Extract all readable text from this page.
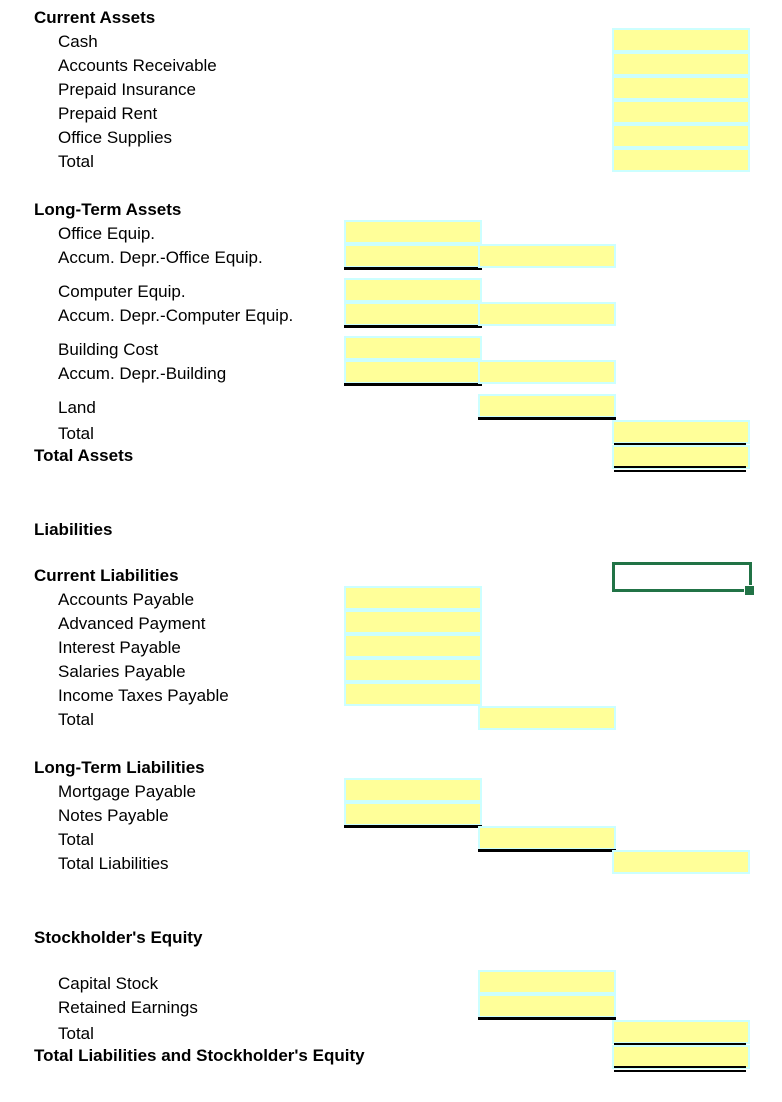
Current Assets
Cash
Accounts Receivable
Prepaid Insurance
Prepaid Rent
Office Supplies
Total
Long-Term Assets
Office Equip.
Accum. Depr.-Office Equip.
Computer Equip.
Accum. Depr.-Computer Equip.
Building Cost
Accum. Depr.-Building
Land
Total
Total Assets
Liabilities
Current Liabilities
Accounts Payable
Advanced Payment
Interest Payable
Salaries Payable
Income Taxes Payable
Total
Long-Term Liabilities
Mortgage Payable
Notes Payable
Total
Total Liabilities
Stockholder's Equity
Capital Stock
Retained Earnings
Total
Total Liabilities and Stockholder's Equity
